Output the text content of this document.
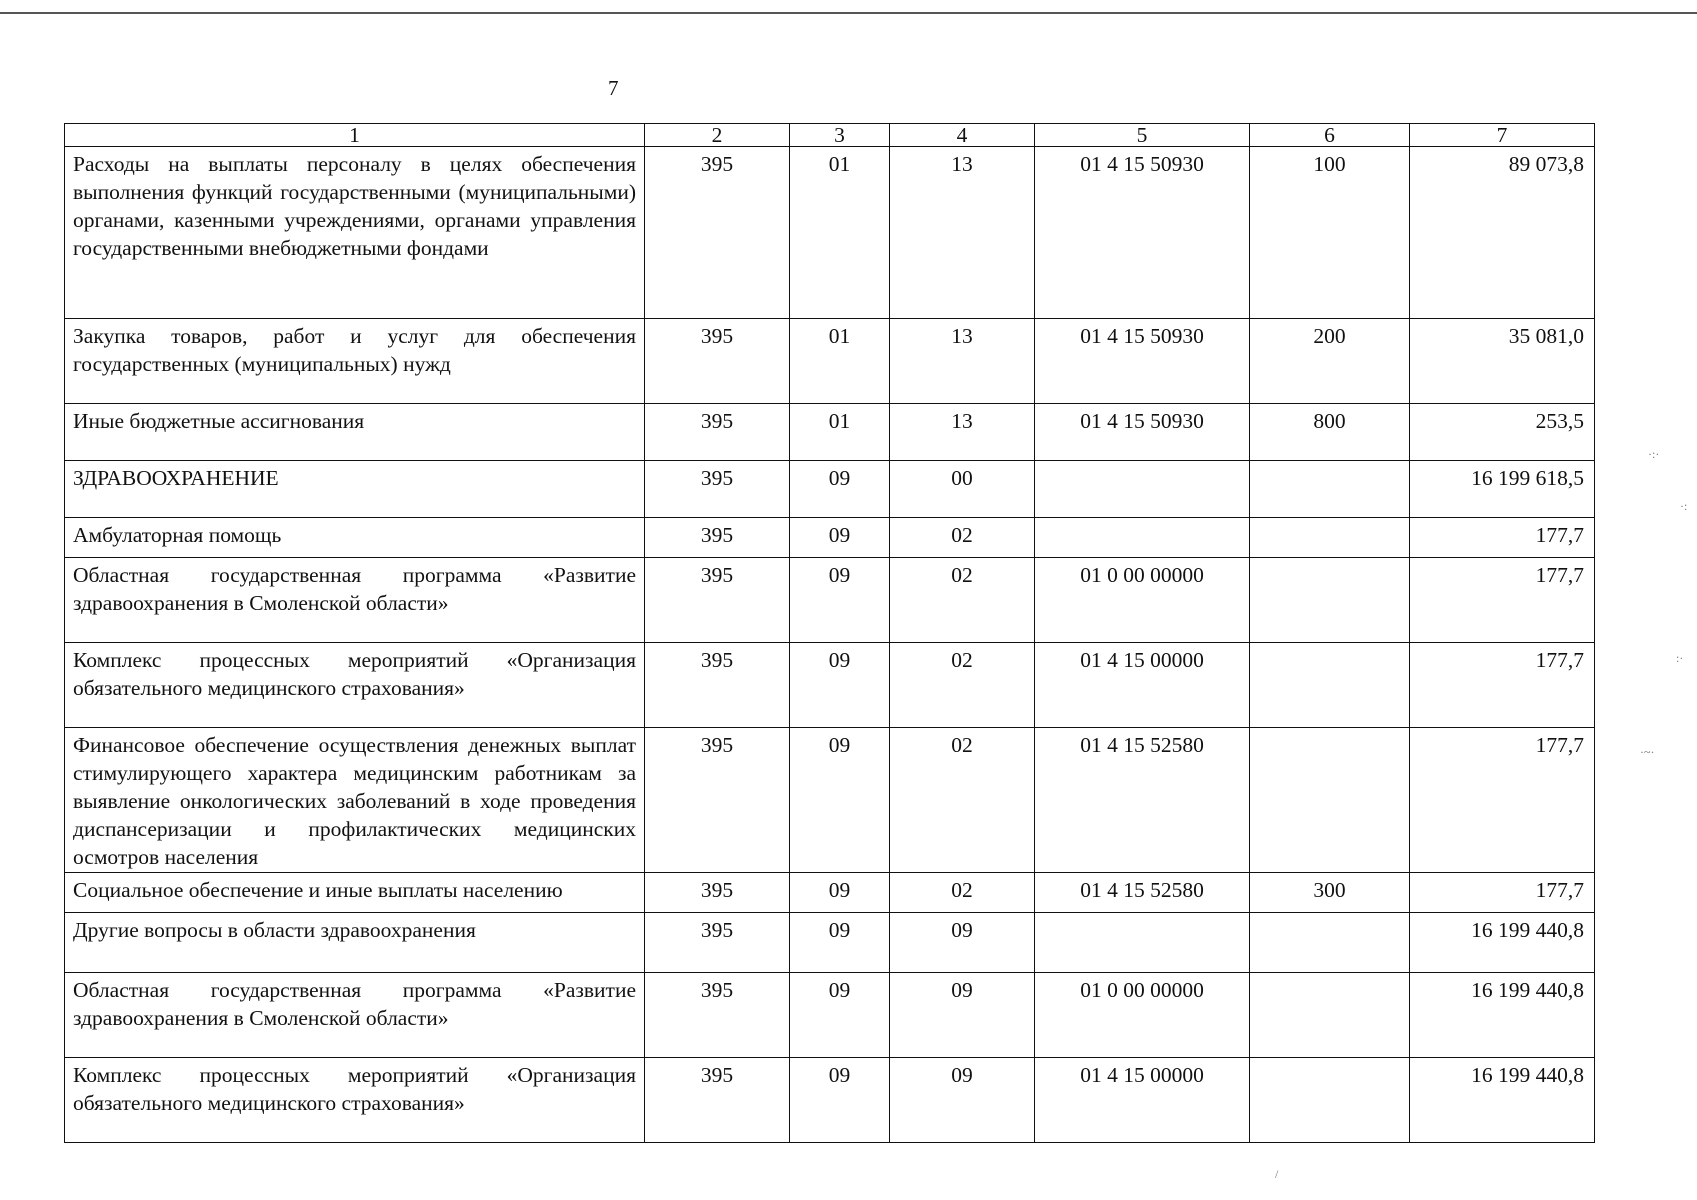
7
1	2	3	4	5	6	7
Расходы на выплаты персоналу в целях обеспечения выполнения функций государственными (муниципальными) органами, казенными учреждениями, органами управления государственными внебюджетными фондами	395	01	13	01 4 15 50930	100	89 073,8
Закупка товаров, работ и услуг для обеспечения государственных (муниципальных) нужд	395	01	13	01 4 15 50930	200	35 081,0
Иные бюджетные ассигнования	395	01	13	01 4 15 50930	800	253,5
ЗДРАВООХРАНЕНИЕ	395	09	00			16 199 618,5
Амбулаторная помощь	395	09	02			177,7
Областная государственная программа «Развитие здравоохранения в Смоленской области»	395	09	02	01 0 00 00000		177,7
Комплекс процессных мероприятий «Организация обязательного медицинского страхования»	395	09	02	01 4 15 00000		177,7
Финансовое обеспечение осуществления денежных выплат стимулирующего характера медицинским работникам за выявление онкологических заболеваний в ходе проведения диспансеризации и профилактических медицинских осмотров населения	395	09	02	01 4 15 52580		177,7
Социальное обеспечение и иные выплаты населению	395	09	02	01 4 15 52580	300	177,7
Другие вопросы в области здравоохранения	395	09	09			16 199 440,8
Областная государственная программа «Развитие здравоохранения в Смоленской области»	395	09	09	01 0 00 00000		16 199 440,8
Комплекс процессных мероприятий «Организация обязательного медицинского страхования»	395	09	09	01 4 15 00000		16 199 440,8
·:·
·:
:·
·~·
/
